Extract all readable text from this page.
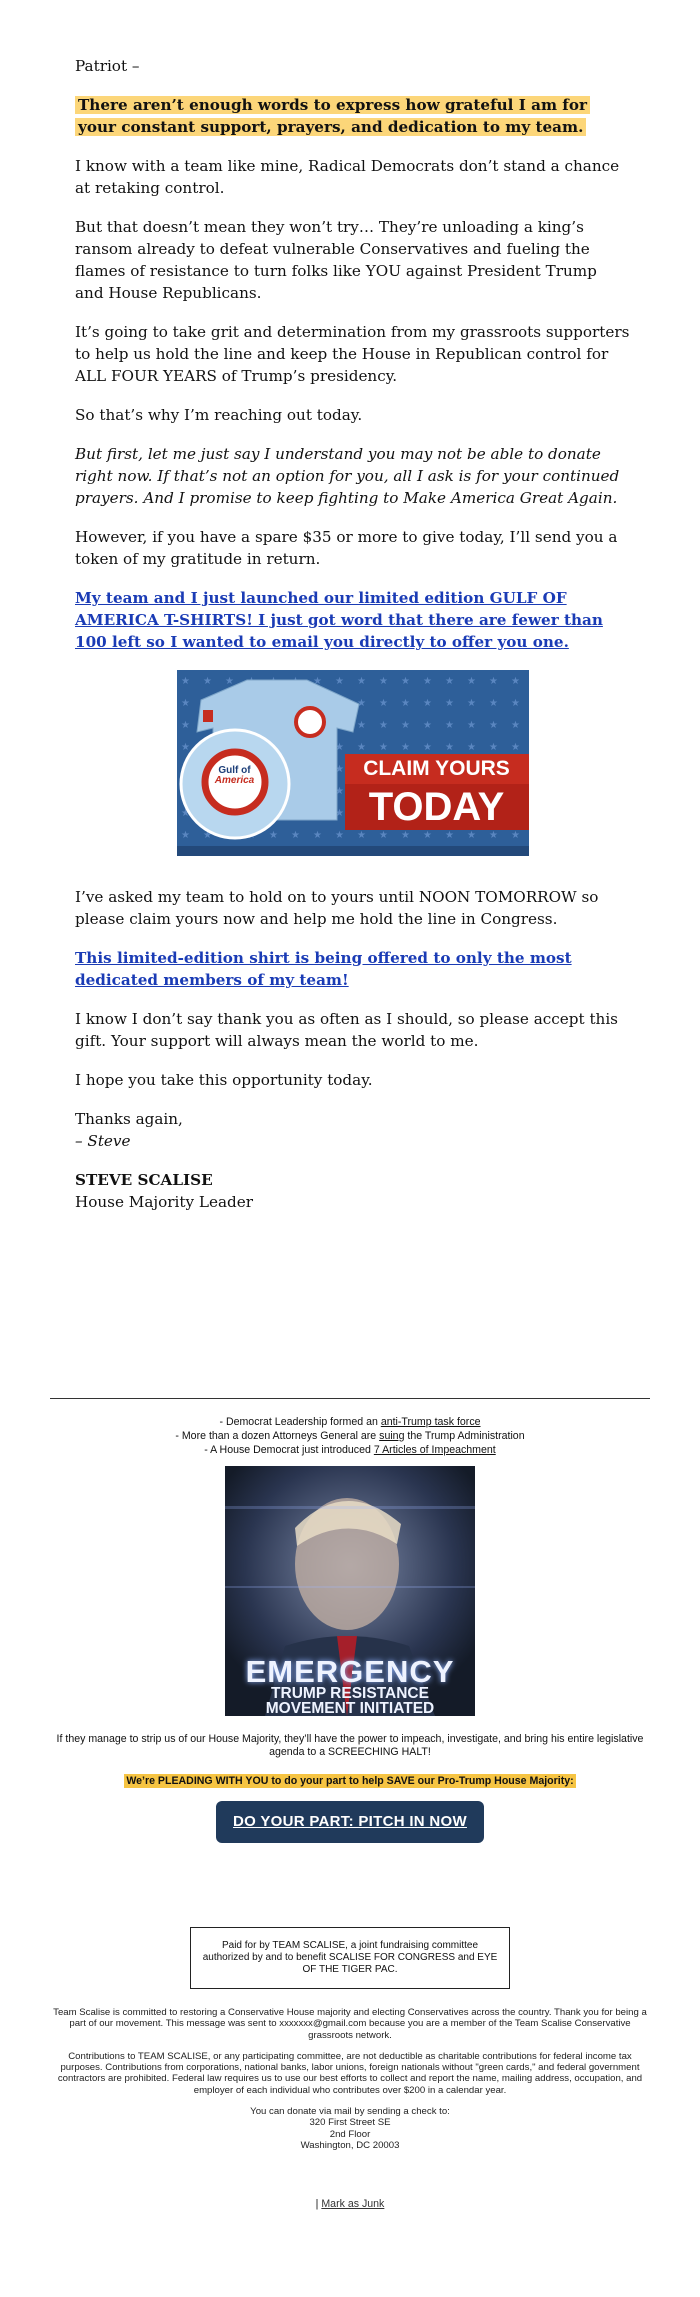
Patriot –

There aren’t enough words to express how grateful I am for your constant support, prayers, and dedication to my team.

I know with a team like mine, Radical Democrats don’t stand a chance at retaking control.

But that doesn’t mean they won’t try… They’re unloading a king’s ransom already to defeat vulnerable Conservatives and fueling the flames of resistance to turn folks like YOU against President Trump and House Republicans.

It’s going to take grit and determination from my grassroots supporters to help us hold the line and keep the House in Republican control for ALL FOUR YEARS of Trump’s presidency.

So that’s why I’m reaching out today.

But first, let me just say I understand you may not be able to donate right now. If that’s not an option for you, all I ask is for your continued prayers. And I promise to keep fighting to Make America Great Again.

However, if you have a spare $35 or more to give today, I’ll send you a token of my gratitude in return.

My team and I just launched our limited edition GULF OF AMERICA T-SHIRTS! I just got word that there are fewer than 100 left so I wanted to email you directly to offer you one.

Gulf of
America
CLAIM YOURS
TODAY

I’ve asked my team to hold on to yours until NOON TOMORROW so please claim yours now and help me hold the line in Congress.

This limited-edition shirt is being offered to only the most dedicated members of my team!

I know I don’t say thank you as often as I should, so please accept this gift. Your support will always mean the world to me.

I hope you take this opportunity today.

Thanks again,
– Steve

STEVE SCALISE

House Majority Leader

- Democrat Leadership formed an anti-Trump task force
- More than a dozen Attorneys General are suing the Trump Administration
- A House Democrat just introduced 7 Articles of Impeachment
EMERGENCY
TRUMP RESISTANCE
MOVEMENT INITIATED
If they manage to strip us of our House Majority, they’ll have the power to impeach, investigate, and bring his entire legislative agenda to a SCREECHING HALT!
We’re PLEADING WITH YOU to do your part to help SAVE our Pro-Trump House Majority:
DO YOUR PART: PITCH IN NOW
Paid for by TEAM SCALISE, a joint fundraising committee authorized by and to benefit SCALISE FOR CONGRESS and EYE OF THE TIGER PAC.

Team Scalise is committed to restoring a Conservative House majority and electing Conservatives across the country. Thank you for being a part of our movement. This message was sent to xxxxxxx@gmail.com because you are a member of the Team Scalise Conservative grassroots network.

Contributions to TEAM SCALISE, or any participating committee, are not deductible as charitable contributions for federal income tax purposes. Contributions from corporations, national banks, labor unions, foreign nationals without "green cards," and federal government contractors are prohibited. Federal law requires us to use our best efforts to collect and report the name, mailing address, occupation, and employer of each individual who contributes over $200 in a calendar year.

You can donate via mail by sending a check to:
320 First Street SE
2nd Floor
Washington, DC 20003
| Mark as Junk
